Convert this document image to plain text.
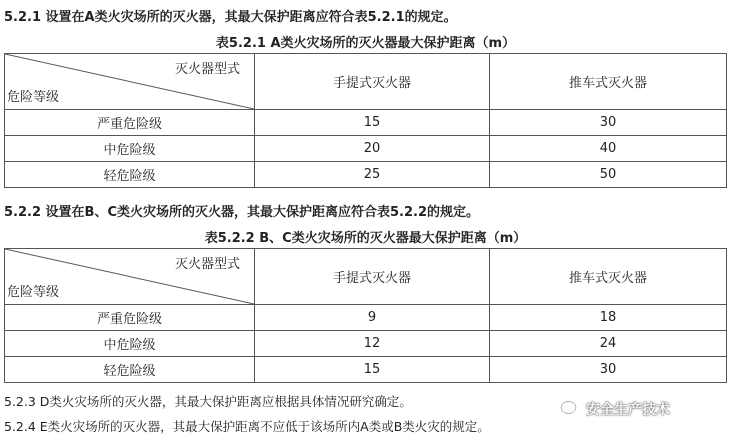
5.2.1 设置在A类火灾场所的灭火器，其最大保护距离应符合表5.2.1的规定。
表5.2.1 A类火灾场所的灭火器最大保护距离（m）
灭火器型式
危险等级	手提式灭火器	推车式灭火器
严重危险级	15	30
中危险级	20	40
轻危险级	25	50
5.2.2 设置在B、C类火灾场所的灭火器，其最大保护距离应符合表5.2.2的规定。
表5.2.2 B、C类火灾场所的灭火器最大保护距离（m）
灭火器型式
危险等级	手提式灭火器	推车式灭火器
严重危险级	9	18
中危险级	12	24
轻危险级	15	30
5.2.3 D类火灾场所的灭火器，其最大保护距离应根据具体情况研究确定。
5.2.4 E类火灾场所的灭火器，其最大保护距离不应低于该场所内A类或B类火灾的规定。
安全生产技术
